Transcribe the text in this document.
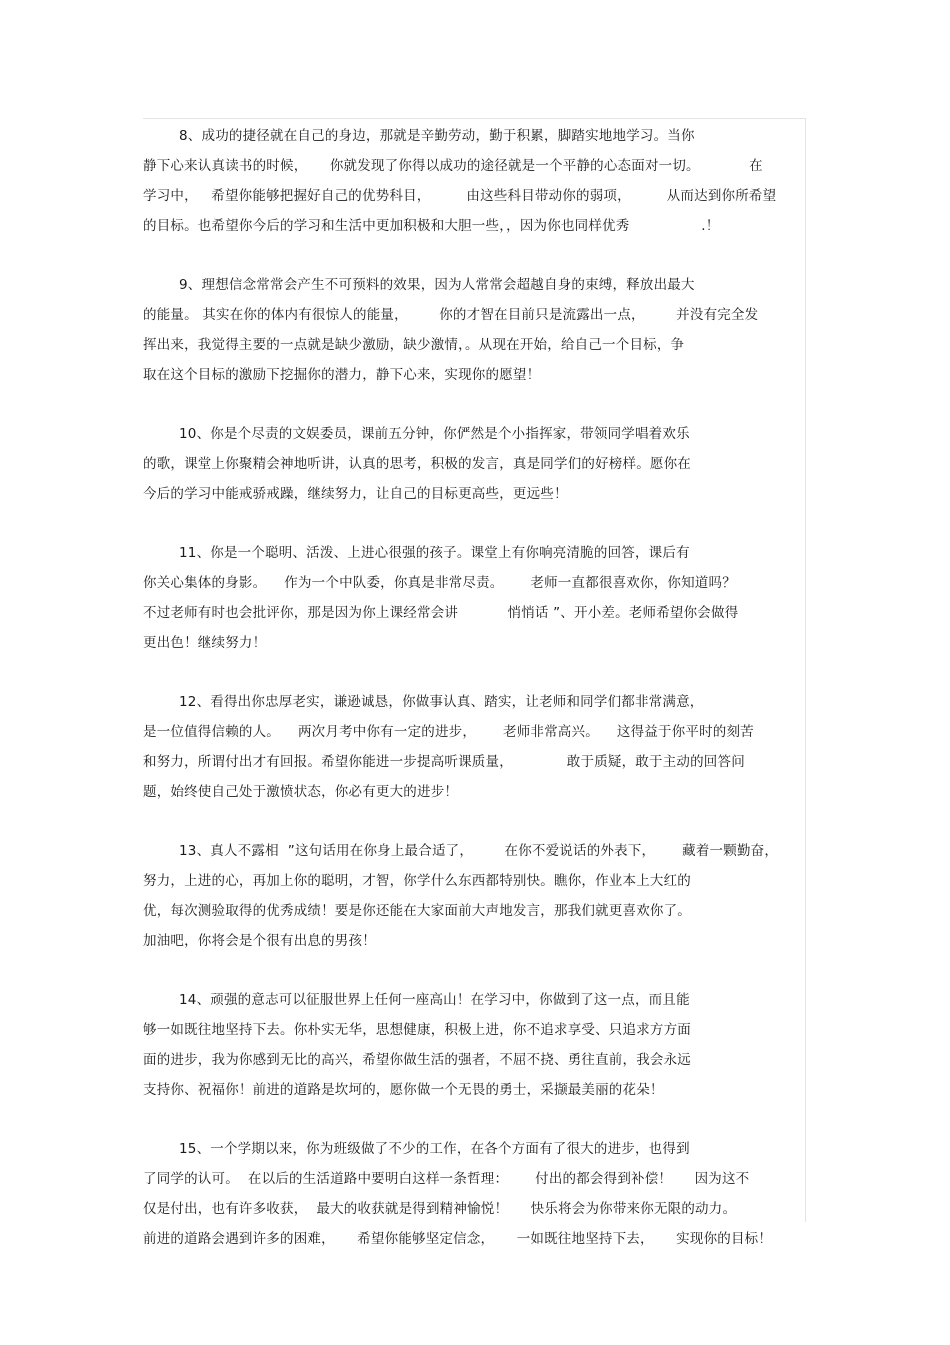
8、成功的捷径就在自己的身边，那就是辛勤劳动，勤于积累，脚踏实地地学习。当你
静下心来认真读书的时候，     你就发现了你得以成功的途径就是一个平静的心态面对一切。           在
学习中，   希望你能够把握好自己的优势科目，        由这些科目带动你的弱项，        从而达到你所希望
的目标。也希望你今后的学习和生活中更加积极和大胆一些，，因为你也同样优秀                .！
9、理想信念常常会产生不可预料的效果，因为人常常会超越自身的束缚，释放出最大
的能量。 其实在你的体内有很惊人的能量，       你的才智在目前只是流露出一点，       并没有完全发
挥出来，我觉得主要的一点就是缺少激励，缺少激情，。从现在开始，给自己一个目标，争
取在这个目标的激励下挖掘你的潜力，静下心来，实现你的愿望！
10、你是个尽责的文娱委员，课前五分钟，你俨然是个小指挥家，带领同学唱着欢乐
的歌，课堂上你聚精会神地听讲，认真的思考，积极的发言，真是同学们的好榜样。愿你在
今后的学习中能戒骄戒躁，继续努力，让自己的目标更高些，更远些！
11、你是一个聪明、活泼、上进心很强的孩子。课堂上有你响亮清脆的回答，课后有
你关心集体的身影。    作为一个中队委，你真是非常尽责。      老师一直都很喜欢你，你知道吗？
不过老师有时也会批评你，那是因为你上课经常会讲           悄悄话 ”、开小差。老师希望你会做得
更出色！继续努力！
12、看得出你忠厚老实，谦逊诚恳，你做事认真、踏实，让老师和同学们都非常满意，
是一位值得信赖的人。    两次月考中你有一定的进步，      老师非常高兴。    这得益于你平时的刻苦
和努力，所谓付出才有回报。希望你能进一步提高听课质量，            敢于质疑，敢于主动的回答问
题，始终使自己处于激愤状态，你必有更大的进步！
13、真人不露相  ”这句话用在你身上最合适了，       在你不爱说话的外表下，      藏着一颗勤奋，
努力，上进的心，再加上你的聪明，才智，你学什么东西都特别快。瞧你，作业本上大红的
优，每次测验取得的优秀成绩！要是你还能在大家面前大声地发言，那我们就更喜欢你了。
加油吧，你将会是个很有出息的男孩！
14、顽强的意志可以征服世界上任何一座高山！在学习中，你做到了这一点，而且能
够一如既往地坚持下去。你朴实无华，思想健康，积极上进，你不追求享受、只追求方方面
面的进步，我为你感到无比的高兴，希望你做生活的强者，不屈不挠、勇往直前，我会永远
支持你、祝福你！前进的道路是坎坷的，愿你做一个无畏的勇士，采撷最美丽的花朵！
15、一个学期以来，你为班级做了不少的工作，在各个方面有了很大的进步，也得到
了同学的认可。  在以后的生活道路中要明白这样一条哲理：      付出的都会得到补偿！     因为这不
仅是付出，也有许多收获，  最大的收获就是得到精神愉悦！     快乐将会为你带来你无限的动力。
前进的道路会遇到许多的困难，     希望你能够坚定信念，     一如既往地坚持下去，     实现你的目标！
